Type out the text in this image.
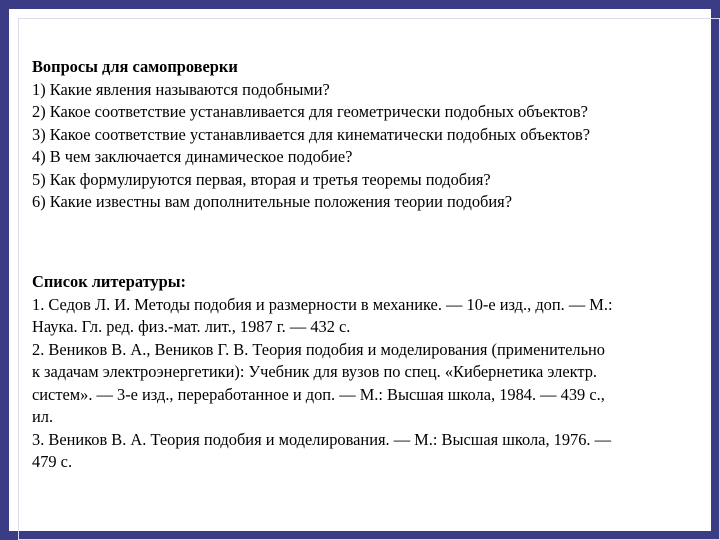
Вопросы для самопроверки
1) Какие явления называются подобными?
2) Какое соответствие устанавливается для геометрически подобных объектов?
3) Какое соответствие устанавливается для кинематически подобных объектов?
4) В чем заключается динамическое подобие?
5) Как формулируются первая, вторая и третья теоремы подобия?
6) Какие известны вам дополнительные положения теории подобия?
Список литературы:
1. Седов Л. И. Методы подобия и размерности в механике. — 10-е изд., доп. — М.:
Наука. Гл. ред. физ.-мат. лит., 1987 г. — 432 с.
2. Веников В. А., Веников Г. В. Теория подобия и моделирования (применительно
к задачам электроэнергетики): Учебник для вузов по спец. «Кибернетика электр.
систем». — 3-е изд., переработанное и доп. — М.: Высшая школа, 1984. — 439 с.,
ил.
3. Веников В. А. Теория подобия и моделирования. — М.: Высшая школа, 1976. —
479 с.
